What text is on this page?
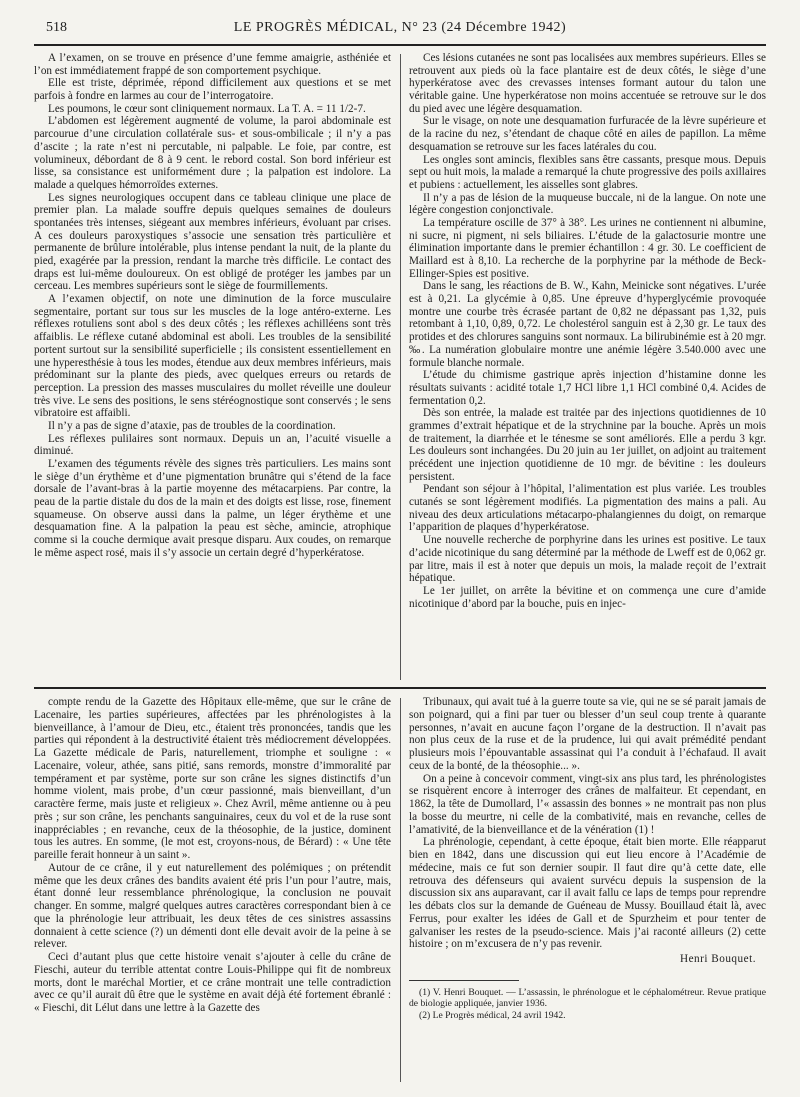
518	LE PROGRÈS MÉDICAL, N° 23 (24 Décembre 1942)

A l’examen, on se trouve en présence d’une femme amaigrie, asthéniée et l’on est immédiatement frappé de son comportement psychique.

Elle est triste, déprimée, répond difficilement aux questions et se met parfois à fondre en larmes au cour de l’interrogatoire.

Les poumons, le cœur sont cliniquement normaux. La T. A. = 11 1/2-7.

L’abdomen est légèrement augmenté de volume, la paroi abdominale est parcourue d’une circulation collatérale sus- et sous-ombilicale ; il n’y a pas d’ascite ; la rate n’est ni percutable, ni palpable. Le foie, par contre, est volumineux, débordant de 8 à 9 cent. le rebord costal. Son bord inférieur est lisse, sa consistance est uniformément dure ; la palpation est indolore. La malade a quelques hémorroïdes externes.

Les signes neurologiques occupent dans ce tableau clinique une place de premier plan. La malade souffre depuis quelques semaines de douleurs spontanées très intenses, siégeant aux membres inférieurs, évoluant par crises. A ces douleurs paroxystiques s’associe une sensation très particulière et permanente de brûlure intolérable, plus intense pendant la nuit, de la plante du pied, exagérée par la pression, rendant la marche très difficile. Le contact des draps est lui-même douloureux. On est obligé de protéger les jambes par un cerceau. Les membres supérieurs sont le siège de fourmillements.

A l’examen objectif, on note une diminution de la force musculaire segmentaire, portant sur tous sur les muscles de la loge antéro-externe. Les réflexes rotuliens sont abol s des deux côtés ; les réflexes achilléens sont très affaiblis. Le réflexe cutané abdominal est aboli. Les troubles de la sensibilité portent surtout sur la sensibilité superficielle ; ils consistent essentiellement en une hyperesthésie à tous les modes, étendue aux deux membres inférieurs, mais prédominant sur la plante des pieds, avec quelques erreurs ou retards de perception. La pression des masses musculaires du mollet réveille une douleur très vive. Le sens des positions, le sens stéréognostique sont conservés ; le sens vibratoire est affaibli.

Il n’y a pas de signe d’ataxie, pas de troubles de la coordination.

Les réflexes pulilaires sont normaux. Depuis un an, l’acuité visuelle a diminué.

L’examen des téguments révèle des signes très particuliers. Les mains sont le siège d’un érythème et d’une pigmentation brunâtre qui s’étend de la face dorsale de l’avant-bras à la partie moyenne des métacarpiens. Par contre, la peau de la partie distale du dos de la main et des doigts est lisse, rose, finement squameuse. On observe aussi dans la palme, un léger érythème et une desquamation fine. A la palpation la peau est sèche, amincie, atrophique comme si la couche dermique avait presque disparu. Aux coudes, on remarque le même aspect rosé, mais il s’y associe un certain degré d’hyperkératose.

Ces lésions cutanées ne sont pas localisées aux membres supérieurs. Elles se retrouvent aux pieds où la face plantaire est de deux côtés, le siège d’une hyperkératose avec des crevasses intenses formant autour du talon une véritable gaine. Une hyperkératose non moins accentuée se retrouve sur le dos du pied avec une légère desquamation.

Sur le visage, on note une desquamation furfuracée de la lèvre supérieure et de la racine du nez, s’étendant de chaque côté en ailes de papillon. La même desquamation se retrouve sur les faces latérales du cou.

Les ongles sont amincis, flexibles sans être cassants, presque mous. Depuis sept ou huit mois, la malade a remarqué la chute progressive des poils axillaires et pubiens : actuellement, les aisselles sont glabres.

Il n’y a pas de lésion de la muqueuse buccale, ni de la langue. On note une légère congestion conjonctivale.

La température oscille de 37° à 38°. Les urines ne contiennent ni albumine, ni sucre, ni pigment, ni sels biliaires. L’étude de la galactosurie montre une élimination importante dans le premier échantillon : 4 gr. 30. Le coefficient de Maillard est à 8,10. La recherche de la porphyrine par la méthode de Beck-Ellinger-Spies est positive.

Dans le sang, les réactions de B. W., Kahn, Meinicke sont négatives. L’urée est à 0,21. La glycémie à 0,85. Une épreuve d’hyperglycémie provoquée montre une courbe très écrasée partant de 0,82 ne dépassant pas 1,32, puis retombant à 1,10, 0,89, 0,72. Le cholestérol sanguin est à 2,30 gr. Le taux des protides et des chlorures sanguins sont normaux. La bilirubinémie est à 20 mgr. ‰. La numération globulaire montre une anémie légère 3.540.000 avec une formule blanche normale.

L’étude du chimisme gastrique après injection d’histamine donne les résultats suivants : acidité totale 1,7 HCl libre 1,1 HCl combiné 0,4. Acides de fermentation 0,2.

Dès son entrée, la malade est traitée par des injections quotidiennes de 10 grammes d’extrait hépatique et de la strychnine par la bouche. Après un mois de traitement, la diarrhée et le ténesme se sont améliorés. Elle a perdu 3 kgr. Les douleurs sont inchangées. Du 20 juin au 1er juillet, on adjoint au traitement précédent une injection quotidienne de 10 mgr. de bévitine : les douleurs persistent.

Pendant son séjour à l’hôpital, l’alimentation est plus variée. Les troubles cutanés se sont légèrement modifiés. La pigmentation des mains a pali. Au niveau des deux articulations métacarpo-phalangiennes du doigt, on remarque l’apparition de plaques d’hyperkératose.

Une nouvelle recherche de porphyrine dans les urines est positive. Le taux d’acide nicotinique du sang déterminé par la méthode de Lweff est de 0,062 gr. par litre, mais il est à noter que depuis un mois, la malade reçoit de l’extrait hépatique.

Le 1er juillet, on arrête la bévitine et on commença une cure d’amide nicotinique d’abord par la bouche, puis en injec-

compte rendu de la Gazette des Hôpitaux elle-même, que sur le crâne de Lacenaire, les parties supérieures, affectées par les phrénologistes à la bienveillance, à l’amour de Dieu, etc., étaient très prononcées, tandis que les parties qui répondent à la destructivité étaient très médiocrement développées. La Gazette médicale de Paris, naturellement, triomphe et souligne : « Lacenaire, voleur, athée, sans pitié, sans remords, monstre d’immoralité par tempérament et par système, porte sur son crâne les signes distinctifs d’un homme violent, mais probe, d’un cœur passionné, mais bienveillant, d’un caractère ferme, mais juste et religieux ». Chez Avril, même antienne ou à peu près ; sur son crâne, les penchants sanguinaires, ceux du vol et de la ruse sont inappréciables ; en revanche, ceux de la théosophie, de la justice, dominent tous les autres. En somme, (le mot est, croyons-nous, de Bérard) : « Une tête pareille ferait honneur à un saint ».

Autour de ce crâne, il y eut naturellement des polémiques ; on prétendit même que les deux crânes des bandits avaient été pris l’un pour l’autre, mais, étant donné leur ressemblance phrénologique, la conclusion ne pouvait changer. En somme, malgré quelques autres caractères correspondant bien à ce que la phrénologie leur attribuait, les deux têtes de ces sinistres assassins donnaient à cette science (?) un démenti dont elle devait avoir de la peine à se relever.

Ceci d’autant plus que cette histoire venait s’ajouter à celle du crâne de Fieschi, auteur du terrible attentat contre Louis-Philippe qui fit de nombreux morts, dont le maréchal Mortier, et ce crâne montrait une telle contradiction avec ce qu’il aurait dû être que le système en avait déjà été fortement ébranlé : « Fieschi, dit Lélut dans une lettre à la Gazette des

Tribunaux, qui avait tué à la guerre toute sa vie, qui ne se sé parait jamais de son poignard, qui a fini par tuer ou blesser d’un seul coup trente à quarante personnes, n’avait en aucune façon l’organe de la destruction. Il n’avait pas non plus ceux de la ruse et de la prudence, lui qui avait prémédité pendant plusieurs mois l’épouvantable assassinat qui l’a conduit à l’échafaud. Il avait ceux de la bonté, de la théosophie... ».

On a peine à concevoir comment, vingt-six ans plus tard, les phrénologistes se risquèrent encore à interroger des crânes de malfaiteur. Et cependant, en 1862, la tête de Dumollard, l’« assassin des bonnes » ne montrait pas non plus la bosse du meurtre, ni celle de la combativité, mais en revanche, celles de l’amativité, de la bienveillance et de la vénération (1) !

La phrénologie, cependant, à cette époque, était bien morte. Elle réapparut bien en 1842, dans une discussion qui eut lieu encore à l’Académie de médecine, mais ce fut son dernier soupir. Il faut dire qu’à cette date, elle retrouva des défenseurs qui avaient survécu depuis la suspension de la discussion six ans auparavant, car il avait fallu ce laps de temps pour reprendre les débats clos sur la demande de Guéneau de Mussy. Bouillaud était là, avec Ferrus, pour exalter les idées de Gall et de Spurzheim et pour tenter de galvaniser les restes de la pseudo-science. Mais j’ai raconté ailleurs (2) cette histoire ; on m’excusera de n’y pas revenir.

Henri Bouquet.

(1) V. Henri Bouquet. — L’assassin, le phrénologue et le céphalométreur. Revue pratique de biologie appliquée, janvier 1936.

(2) Le Progrès médical, 24 avril 1942.
